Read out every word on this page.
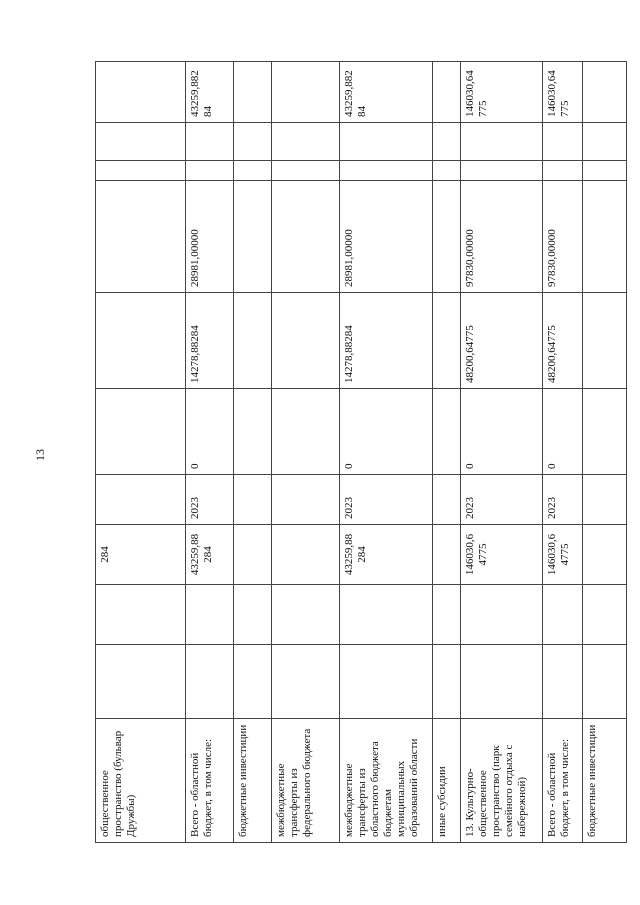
13
общественное пространство (бульвар Дружбы)			284							
Всего - областной бюджет, в том числе:			43259,88 284	2023	0	14278,88284	28981,00000			43259,88284
бюджетные инвестиции										
межбюджетные трансферты из федерального бюджета										
межбюджетные трансферты из областного бюджета бюджетам муниципальных образований области			43259,88 284	2023	0	14278,88284	28981,00000			43259,88284
иные субсидии										
13. Культурно-общественное пространство (парк семейного отдыха с набережной)			146030,6 4775	2023	0	48200,64775	97830,00000			146030,64775
Всего - областной бюджет, в том числе:			146030,6 4775	2023	0	48200,64775	97830,00000			146030,64775
бюджетные инвестиции										
